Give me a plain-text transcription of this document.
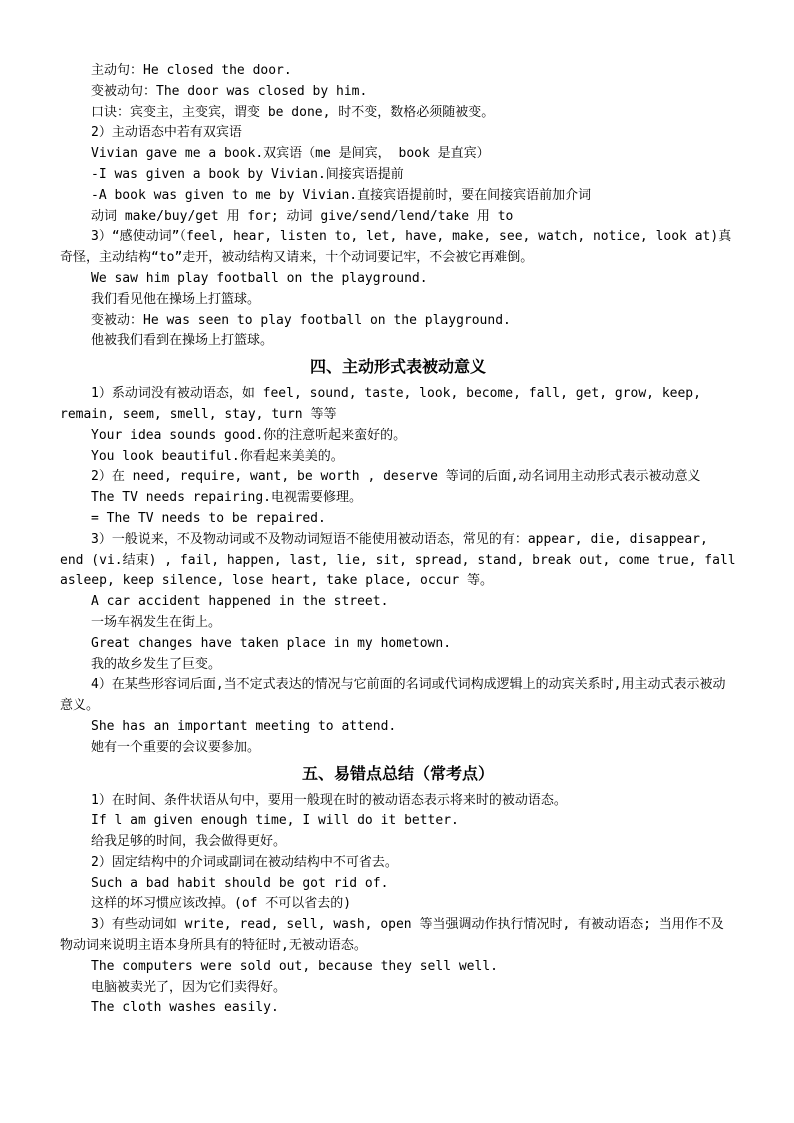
主动句：He closed the door.

变被动句：The door was closed by him.

口诀：宾变主，主变宾，谓变 be done, 时不变，数格必须随被变。

2）主动语态中若有双宾语

Vivian gave me a book.双宾语（me 是间宾， book 是直宾）

-I was given a book by Vivian.间接宾语提前

-A book was given to me by Vivian.直接宾语提前时，要在间接宾语前加介词

动词 make/buy/get 用 for; 动词 give/send/lend/take 用 to

3）“感使动词”（feel, hear, listen to, let, have, make, see, watch, notice, look at)真奇怪，主动结构“to”走开，被动结构又请来，十个动词要记牢，不会被它再难倒。

We saw him play football on the playground.

我们看见他在操场上打篮球。

变被动：He was seen to play football on the playground.

他被我们看到在操场上打篮球。

四、主动形式表被动意义

1）系动词没有被动语态，如 feel, sound, taste, look, become, fall, get, grow, keep, remain, seem, smell, stay, turn 等等

Your idea sounds good.你的注意听起来蛮好的。

You look beautiful.你看起来美美的。

2）在 need, require, want, be worth , deserve 等词的后面,动名词用主动形式表示被动意义

The TV needs repairing.电视需要修理。

= The TV needs to be repaired.

3）一般说来，不及物动词或不及物动词短语不能使用被动语态，常见的有：appear, die, disappear, end (vi.结束) , fail, happen, last, lie, sit, spread, stand, break out, come true, fall asleep, keep silence, lose heart, take place, occur 等。

A car accident happened in the street.

一场车祸发生在街上。

Great changes have taken place in my hometown.

我的故乡发生了巨变。

4）在某些形容词后面,当不定式表达的情况与它前面的名词或代词构成逻辑上的动宾关系时,用主动式表示被动意义。

She has an important meeting to attend.

她有一个重要的会议要参加。

五、易错点总结（常考点）

1）在时间、条件状语从句中，要用一般现在时的被动语态表示将来时的被动语态。

If l am given enough time, I will do it better.

给我足够的时间，我会做得更好。

2）固定结构中的介词或副词在被动结构中不可省去。

Such a bad habit should be got rid of.

这样的坏习惯应该改掉。(of 不可以省去的)

3）有些动词如 write, read, sell, wash, open 等当强调动作执行情况时, 有被动语态; 当用作不及物动词来说明主语本身所具有的特征时,无被动语态。

The computers were sold out, because they sell well.

电脑被卖光了，因为它们卖得好。

The cloth washes easily.
